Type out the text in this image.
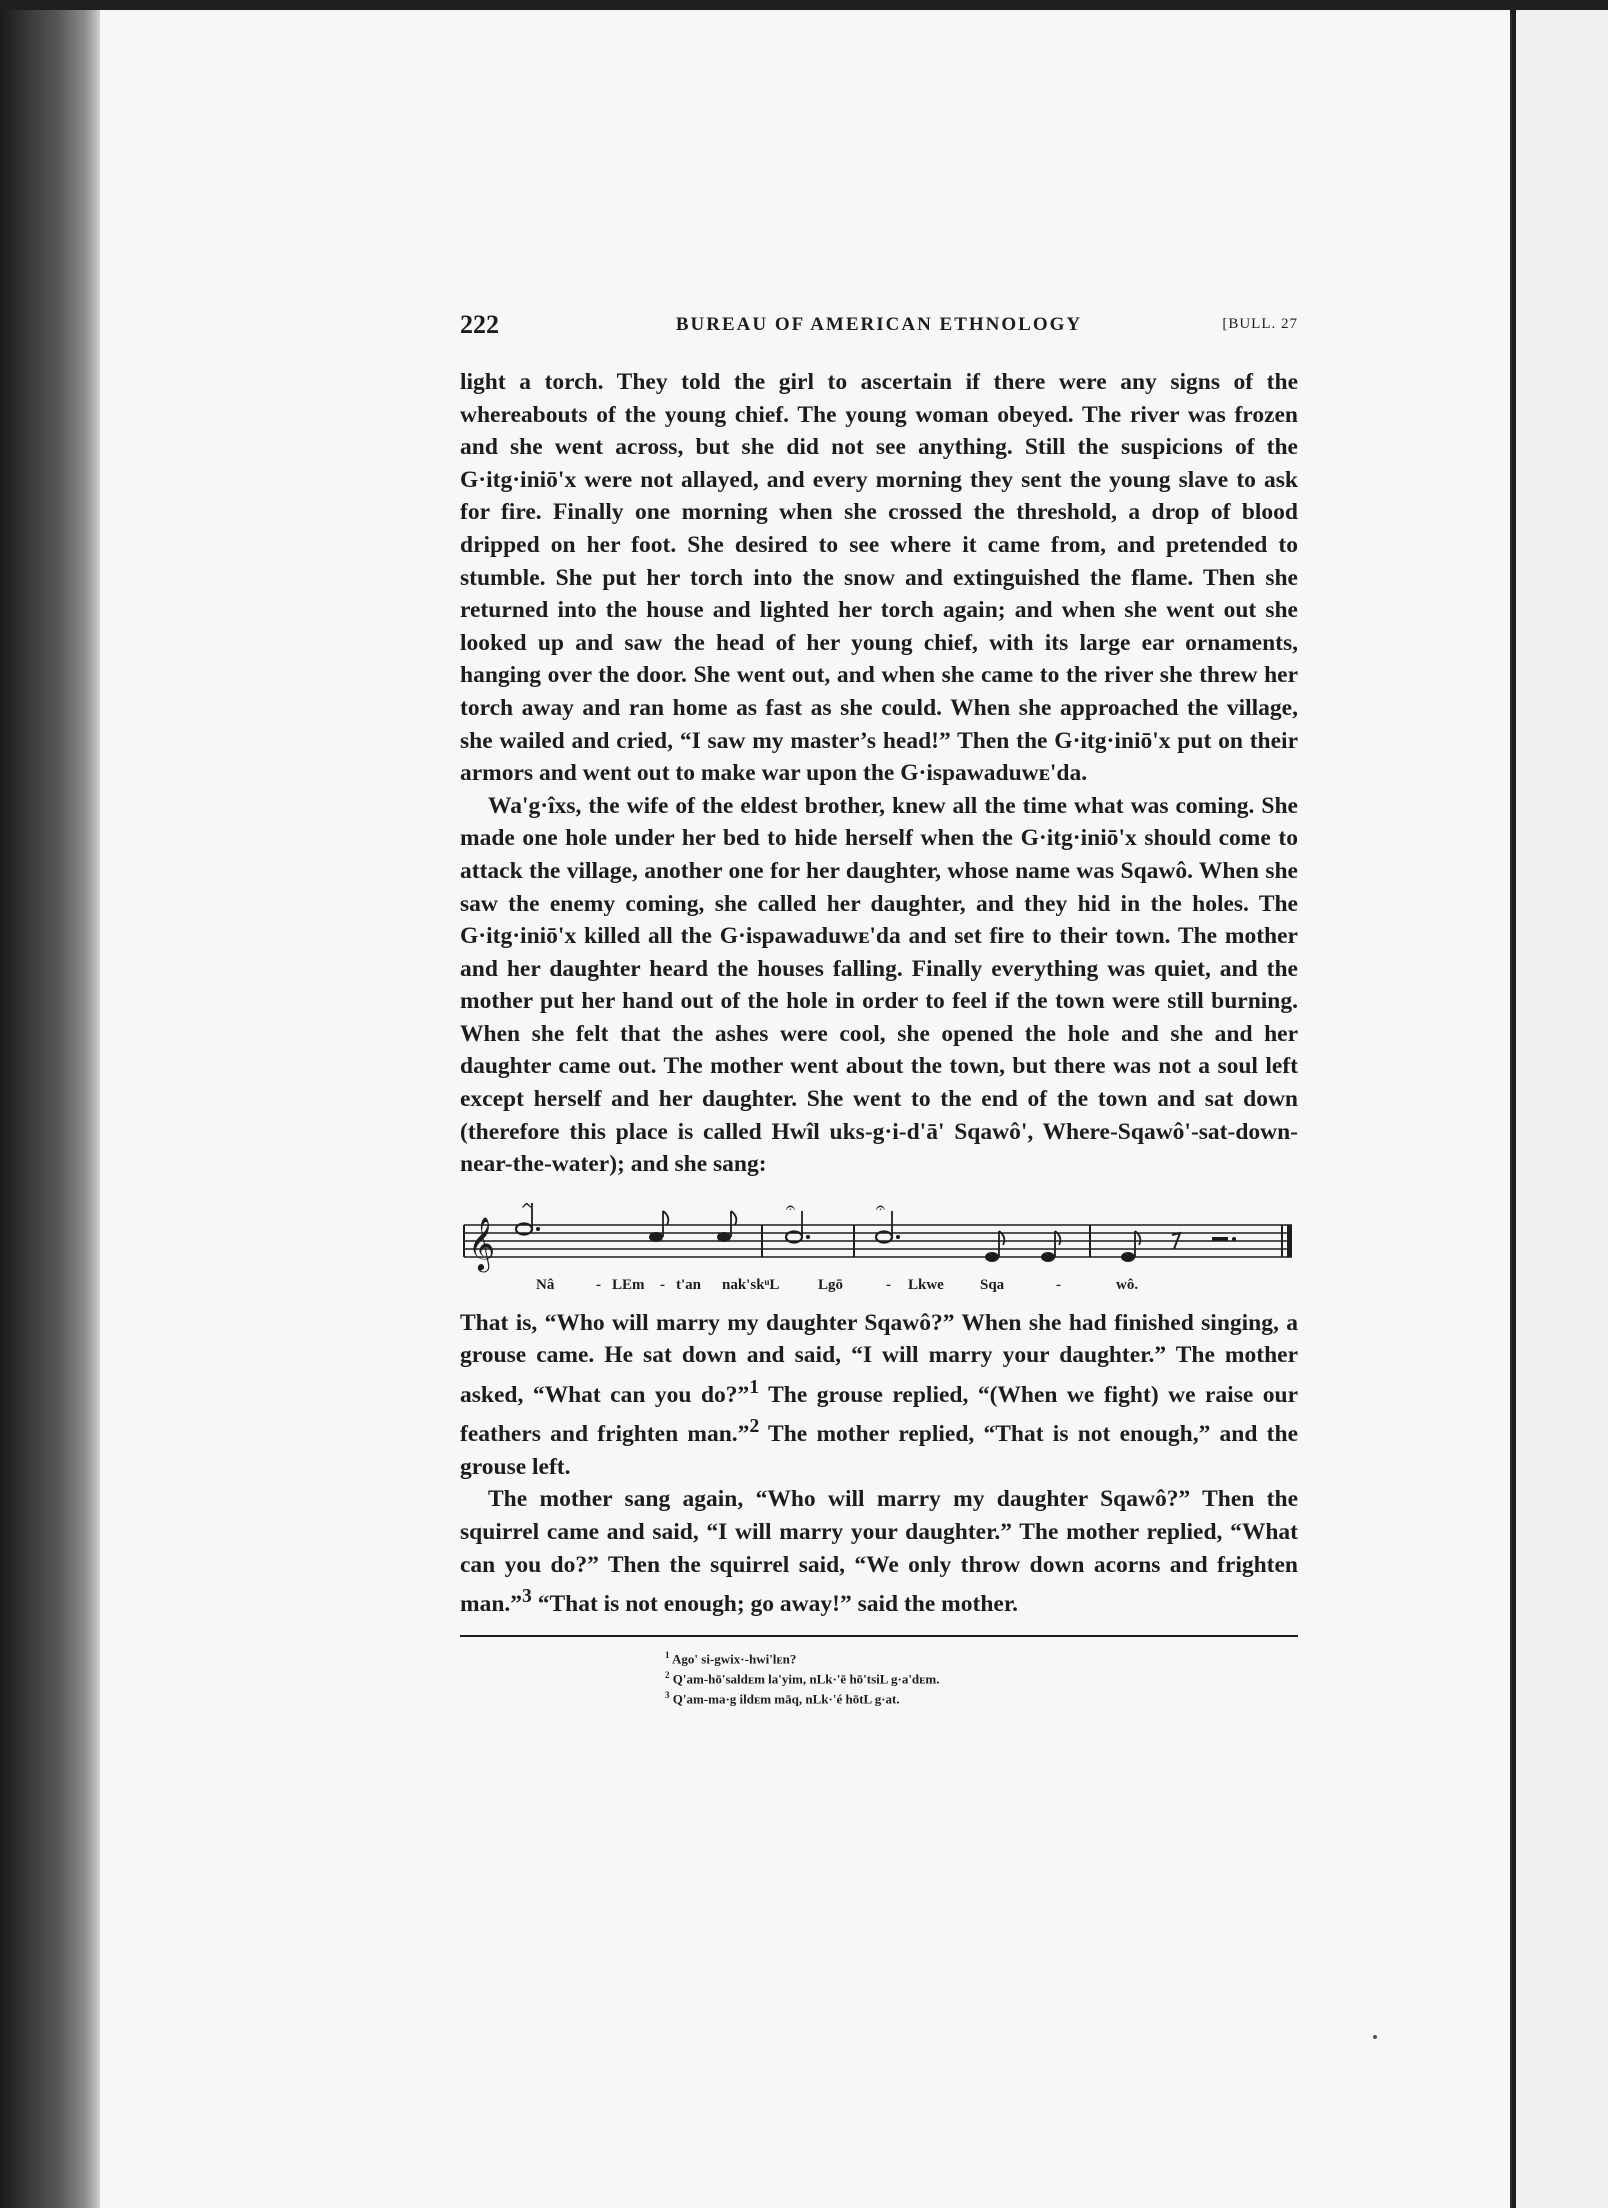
222	BUREAU OF AMERICAN ETHNOLOGY	[BULL. 27

light a torch. They told the girl to ascertain if there were any signs of the whereabouts of the young chief. The young woman obeyed. The river was frozen and she went across, but she did not see anything. Still the suspicions of the G·itg·iniō'x were not allayed, and every morning they sent the young slave to ask for fire. Finally one morning when she crossed the threshold, a drop of blood dripped on her foot. She desired to see where it came from, and pretended to stumble. She put her torch into the snow and extinguished the flame. Then she returned into the house and lighted her torch again; and when she went out she looked up and saw the head of her young chief, with its large ear ornaments, hanging over the door. She went out, and when she came to the river she threw her torch away and ran home as fast as she could. When she approached the village, she wailed and cried, “I saw my master’s head!” Then the G·itg·iniō'x put on their armors and went out to make war upon the G·ispawaduwᴇ'da.

Wa'g·îxs, the wife of the eldest brother, knew all the time what was coming. She made one hole under her bed to hide herself when the G·itg·iniō'x should come to attack the village, another one for her daughter, whose name was Sqawô. When she saw the enemy coming, she called her daughter, and they hid in the holes. The G·itg·iniō'x killed all the G·ispawaduwᴇ'da and set fire to their town. The mother and her daughter heard the houses falling. Finally everything was quiet, and the mother put her hand out of the hole in order to feel if the town were still burning. When she felt that the ashes were cool, she opened the hole and she and her daughter came out. The mother went about the town, but there was not a soul left except herself and her daughter. She went to the end of the town and sat down (therefore this place is called Hwîl uks-g·i-d'ā' Sqawô', Where-Sqawô'-sat-down-near-the-water); and she sang:

𝄞
^	𝄐	𝄐
Nâ	- LEm - t'an nak'skᵘL	Lgō	- Lkwe Sqa	-	wô.

That is, “Who will marry my daughter Sqawô?” When she had finished singing, a grouse came. He sat down and said, “I will marry your daughter.” The mother asked, “What can you do?”$^1$ The grouse replied, “(When we fight) we raise our feathers and frighten man.”$^2$ The mother replied, “That is not enough,” and the grouse left.

The mother sang again, “Who will marry my daughter Sqawô?” Then the squirrel came and said, “I will marry your daughter.” The mother replied, “What can you do?” Then the squirrel said, “We only throw down acorns and frighten man.”$^3$ “That is not enough; go away!” said the mother.

$^1$ Ago' si-gwix·-hwi'lᴇn?
$^2$ Q'am-hō'saldᴇm la'yim, nLk·'ē hō'tsiL g·a'dᴇm.
$^3$ Q'am-ma·g ildᴇm māq, nLk·'é hōtL g·at.
